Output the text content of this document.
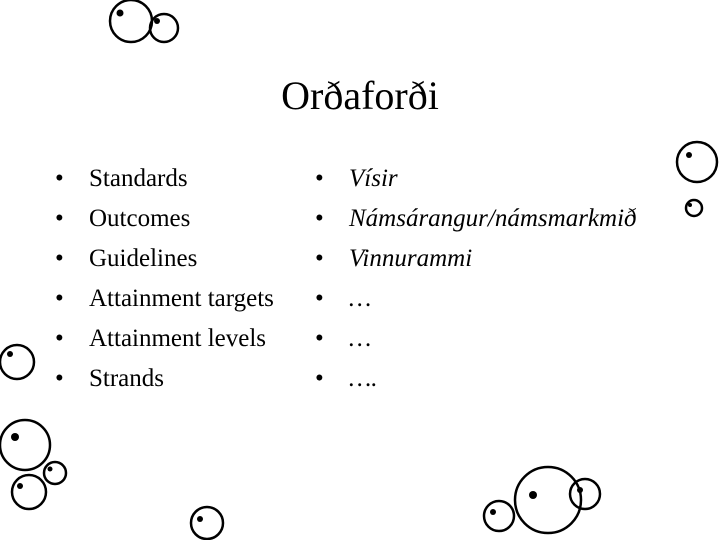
Orðaforði
•	Standards
•	Outcomes
•	Guidelines
•	Attainment targets
•	Attainment levels
•	Strands
•	Vísir
•	Námsárangur/námsmarkmið
•	Vinnurammi
•	…
•	…
•	….
